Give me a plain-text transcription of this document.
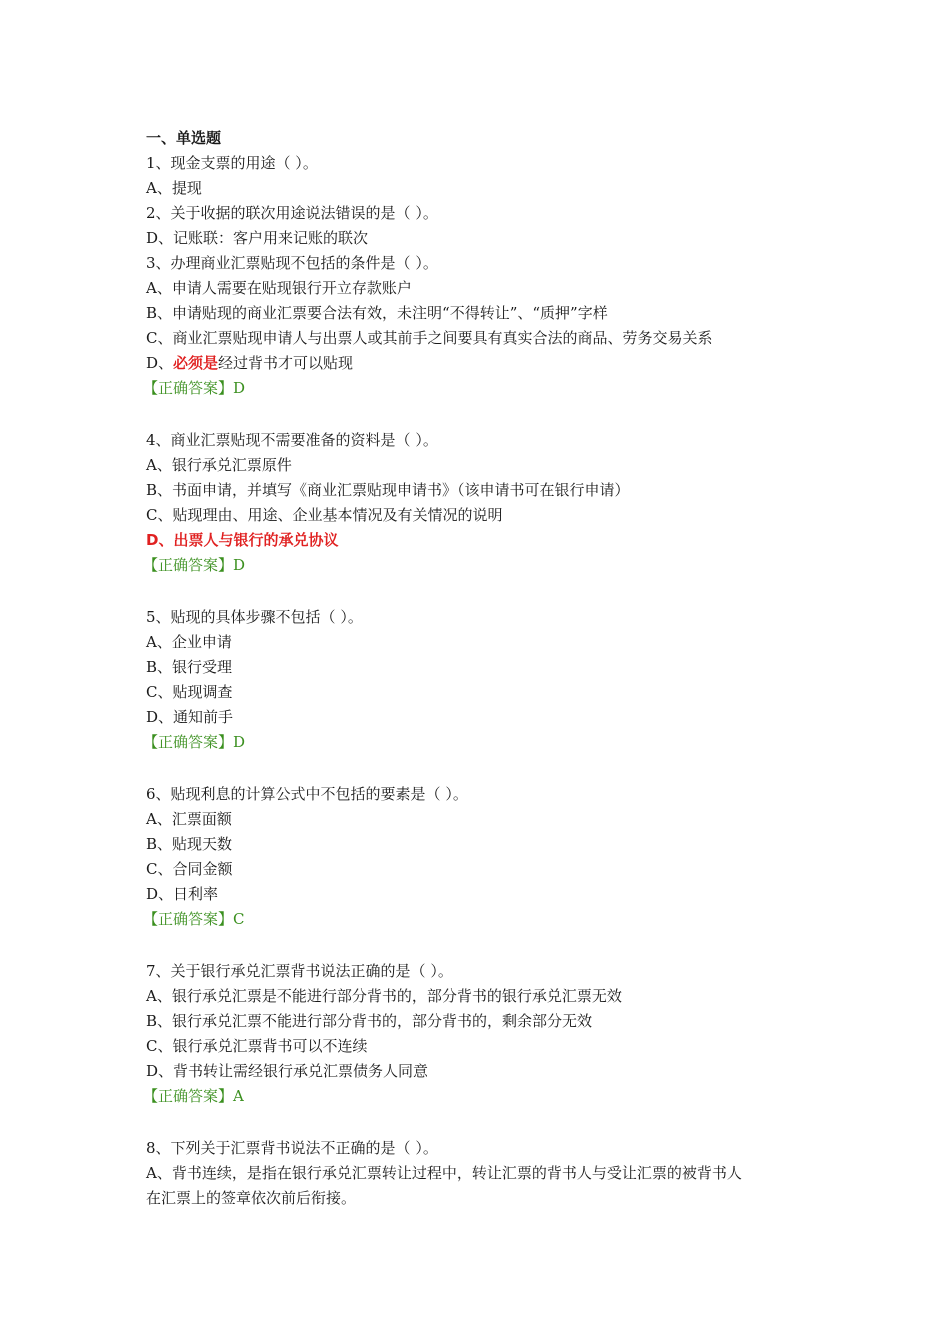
一、单选题
1、现金支票的用途（ ）。
A、提现
2、关于收据的联次用途说法错误的是（ ）。
D、记账联：客户用来记账的联次
3、办理商业汇票贴现不包括的条件是（ ）。
A、申请人需要在贴现银行开立存款账户
B、申请贴现的商业汇票要合法有效，未注明“不得转让”、“质押”字样
C、商业汇票贴现申请人与出票人或其前手之间要具有真实合法的商品、劳务交易关系
D、必须是经过背书才可以贴现
【正确答案】D
4、商业汇票贴现不需要准备的资料是（ ）。
A、银行承兑汇票原件
B、书面申请，并填写《商业汇票贴现申请书》（该申请书可在银行申请）
C、贴现理由、用途、企业基本情况及有关情况的说明
D、出票人与银行的承兑协议
【正确答案】D
5、贴现的具体步骤不包括（ ）。
A、企业申请
B、银行受理
C、贴现调查
D、通知前手
【正确答案】D
6、贴现利息的计算公式中不包括的要素是（ ）。
A、汇票面额
B、贴现天数
C、合同金额
D、日利率
【正确答案】C
7、关于银行承兑汇票背书说法正确的是（ ）。
A、银行承兑汇票是不能进行部分背书的，部分背书的银行承兑汇票无效
B、银行承兑汇票不能进行部分背书的，部分背书的，剩余部分无效
C、银行承兑汇票背书可以不连续
D、背书转让需经银行承兑汇票债务人同意
【正确答案】A
8、下列关于汇票背书说法不正确的是（ ）。
A、背书连续，是指在银行承兑汇票转让过程中，转让汇票的背书人与受让汇票的被背书人
在汇票上的签章依次前后衔接。
